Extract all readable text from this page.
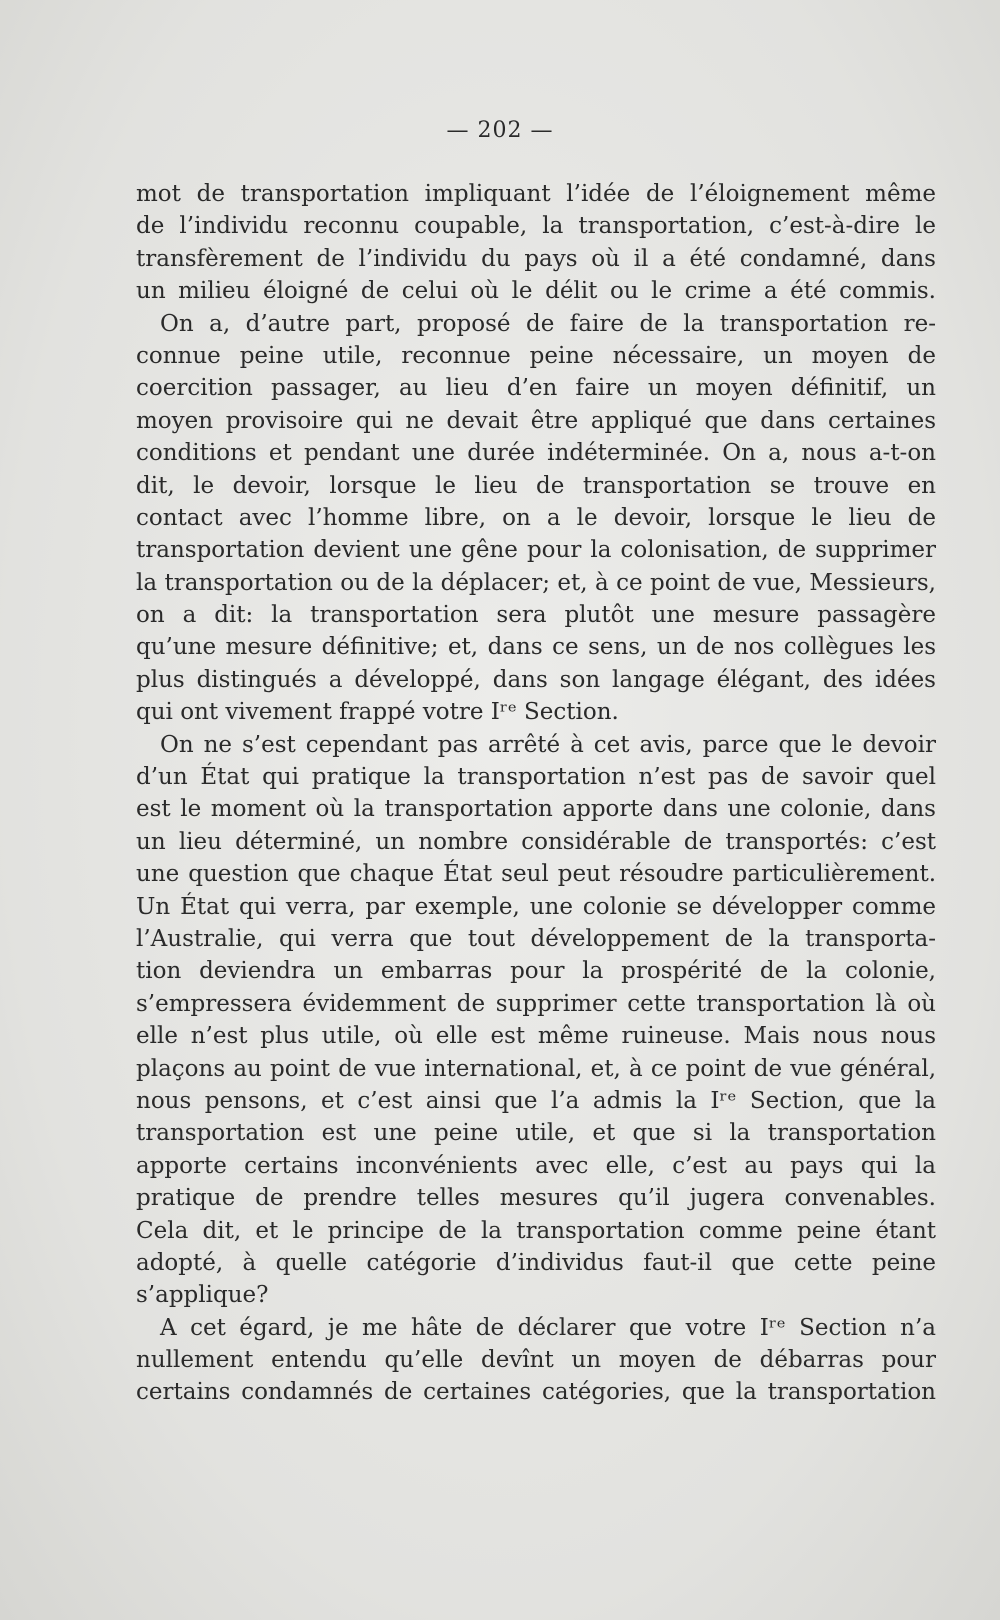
— 202 —
mot de transportation impliquant l’idée de l’éloignement même
de l’individu reconnu coupable, la transportation, c’est-à-dire le
transfèrement de l’individu du pays où il a été condamné, dans
un milieu éloigné de celui où le délit ou le crime a été commis.
On a, d’autre part, proposé de faire de la transportation re-
connue peine utile, reconnue peine nécessaire, un moyen de
coercition passager, au lieu d’en faire un moyen définitif, un
moyen provisoire qui ne devait être appliqué que dans certaines
conditions et pendant une durée indéterminée. On a, nous a-t-on
dit, le devoir, lorsque le lieu de transportation se trouve en
contact avec l’homme libre, on a le devoir, lorsque le lieu de
transportation devient une gêne pour la colonisation, de supprimer
la transportation ou de la déplacer; et, à ce point de vue, Messieurs,
on a dit: la transportation sera plutôt une mesure passagère
qu’une mesure définitive; et, dans ce sens, un de nos collègues les
plus distingués a développé, dans son langage élégant, des idées
qui ont vivement frappé votre Iʳᵉ Section.
On ne s’est cependant pas arrêté à cet avis, parce que le devoir
d’un État qui pratique la transportation n’est pas de savoir quel
est le moment où la transportation apporte dans une colonie, dans
un lieu déterminé, un nombre considérable de transportés: c’est
une question que chaque État seul peut résoudre particulièrement.
Un État qui verra, par exemple, une colonie se développer comme
l’Australie, qui verra que tout développement de la transporta-
tion deviendra un embarras pour la prospérité de la colonie,
s’empressera évidemment de supprimer cette transportation là où
elle n’est plus utile, où elle est même ruineuse. Mais nous nous
plaçons au point de vue international, et, à ce point de vue général,
nous pensons, et c’est ainsi que l’a admis la Iʳᵉ Section, que la
transportation est une peine utile, et que si la transportation
apporte certains inconvénients avec elle, c’est au pays qui la
pratique de prendre telles mesures qu’il jugera convenables.
Cela dit, et le principe de la transportation comme peine étant
adopté, à quelle catégorie d’individus faut-il que cette peine
s’applique?
A cet égard, je me hâte de déclarer que votre Iʳᵉ Section n’a
nullement entendu qu’elle devînt un moyen de débarras pour
certains condamnés de certaines catégories, que la transportation
